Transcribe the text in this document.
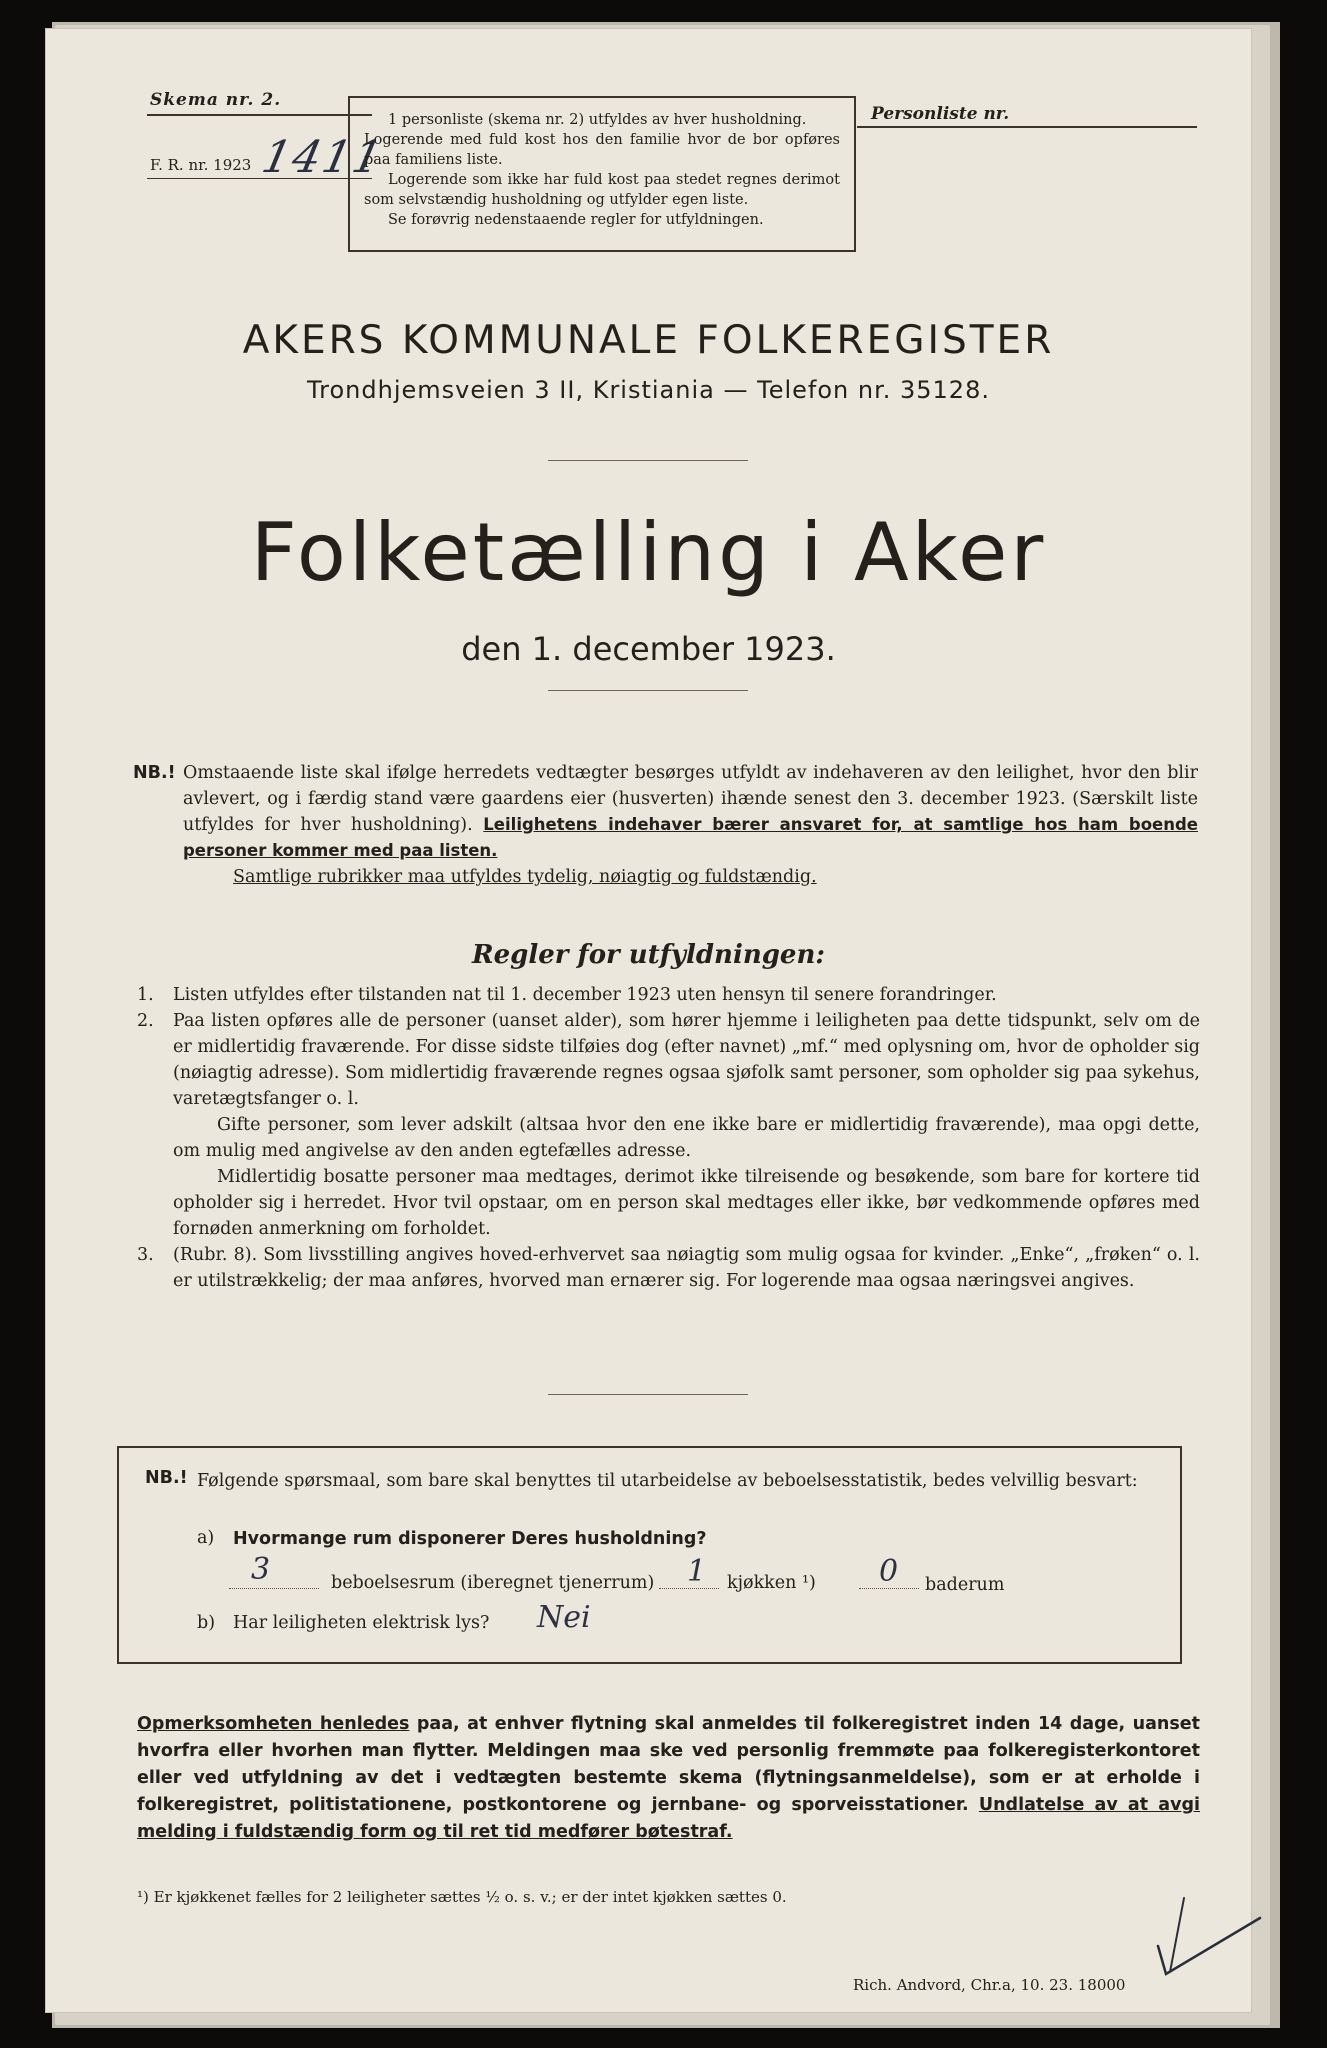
Skema nr. 2.
F. R. nr. 1923 1411

1 personliste (skema nr. 2) utfyldes av hver husholdning.

Logerende med fuld kost hos den familie hvor de bor opføres paa familiens liste.

Logerende som ikke har fuld kost paa stedet regnes derimot som selvstændig husholdning og utfylder egen liste.

Se forøvrig nedenstaaende regler for utfyldningen.

Personliste nr.
AKERS KOMMUNALE FOLKEREGISTER
Trondhjemsveien 3 II, Kristiania — Telefon nr. 35128.
Folketælling i Aker
den 1. december 1923.
NB.! Omstaaende liste skal ifølge herredets vedtægter besørges utfyldt av indehaveren av den leilighet, hvor den blir avlevert, og i færdig stand være gaardens eier (husverten) ihænde senest den 3. december 1923. (Særskilt liste utfyldes for hver husholdning). Leilighetens indehaver bærer ansvaret for, at samtlige hos ham boende personer kommer med paa listen.
Samtlige rubrikker maa utfyldes tydelig, nøiagtig og fuldstændig.
Regler for utfyldningen:
1. Listen utfyldes efter tilstanden nat til 1. december 1923 uten hensyn til senere forandringer.

2. Paa listen opføres alle de personer (uanset alder), som hører hjemme i leiligheten paa dette tidspunkt, selv om de er midlertidig fraværende. For disse sidste tilføies dog (efter navnet) „mf.“ med oplysning om, hvor de opholder sig (nøiagtig adresse). Som midlertidig fraværende regnes ogsaa sjøfolk samt personer, som opholder sig paa sykehus, varetægtsfanger o. l.

Gifte personer, som lever adskilt (altsaa hvor den ene ikke bare er midlertidig fraværende), maa opgi dette, om mulig med angivelse av den anden egtefælles adresse.

Midlertidig bosatte personer maa medtages, derimot ikke tilreisende og besøkende, som bare for kortere tid opholder sig i herredet. Hvor tvil opstaar, om en person skal medtages eller ikke, bør vedkommende opføres med fornøden anmerkning om forholdet.

3. (Rubr. 8). Som livsstilling angives hoved-erhvervet saa nøiagtig som mulig ogsaa for kvinder. „Enke“, „frøken“ o. l. er utilstrækkelig; der maa anføres, hvorved man ernærer sig. For logerende maa ogsaa næringsvei angives.

NB.! Følgende spørsmaal, som bare skal benyttes til utarbeidelse av beboelsesstatistik, bedes velvillig besvart:
a) Hvormange rum disponerer Deres husholdning?
3	beboelsesrum (iberegnet tjenerrum) 1 kjøkken ¹) 0 baderum
b) Har leiligheten elektrisk lys? Nei
Opmerksomheten henledes paa, at enhver flytning skal anmeldes til folkeregistret inden 14 dage, uanset hvorfra eller hvorhen man flytter. Meldingen maa ske ved personlig fremmøte paa folkeregisterkontoret eller ved utfyldning av det i vedtægten bestemte skema (flytningsanmeldelse), som er at erholde i folkeregistret, politistationene, postkontorene og jernbane- og sporveisstationer. Undlatelse av at avgi melding i fuldstændig form og til ret tid medfører bøtestraf.
¹) Er kjøkkenet fælles for 2 leiligheter sættes ½ o. s. v.; er der intet kjøkken sættes 0.
Rich. Andvord, Chr.a, 10. 23. 18000
